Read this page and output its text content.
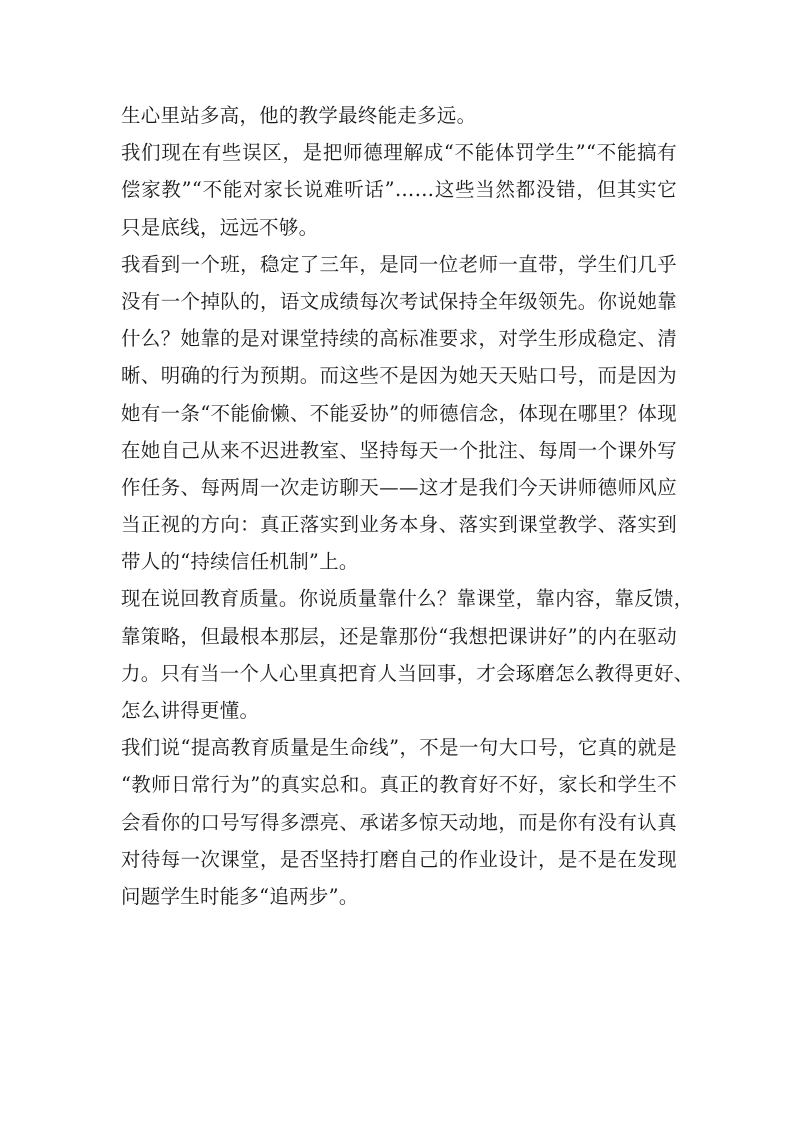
生心里站多高，他的教学最终能走多远。
我们现在有些误区，是把师德理解成“不能体罚学生”“不能搞有
偿家教”“不能对家长说难听话”……这些当然都没错，但其实它
只是底线，远远不够。
我看到一个班，稳定了三年，是同一位老师一直带，学生们几乎
没有一个掉队的，语文成绩每次考试保持全年级领先。你说她靠
什么？她靠的是对课堂持续的高标准要求，对学生形成稳定、清
晰、明确的行为预期。而这些不是因为她天天贴口号，而是因为
她有一条“不能偷懒、不能妥协”的师德信念，体现在哪里？体现
在她自己从来不迟进教室、坚持每天一个批注、每周一个课外写
作任务、每两周一次走访聊天——这才是我们今天讲师德师风应
当正视的方向：真正落实到业务本身、落实到课堂教学、落实到
带人的“持续信任机制”上。
现在说回教育质量。你说质量靠什么？靠课堂，靠内容，靠反馈，
靠策略，但最根本那层，还是靠那份“我想把课讲好”的内在驱动
力。只有当一个人心里真把育人当回事，才会琢磨怎么教得更好、
怎么讲得更懂。
我们说“提高教育质量是生命线”，不是一句大口号，它真的就是
“教师日常行为”的真实总和。真正的教育好不好，家长和学生不
会看你的口号写得多漂亮、承诺多惊天动地，而是你有没有认真
对待每一次课堂，是否坚持打磨自己的作业设计，是不是在发现
问题学生时能多“追两步”。
